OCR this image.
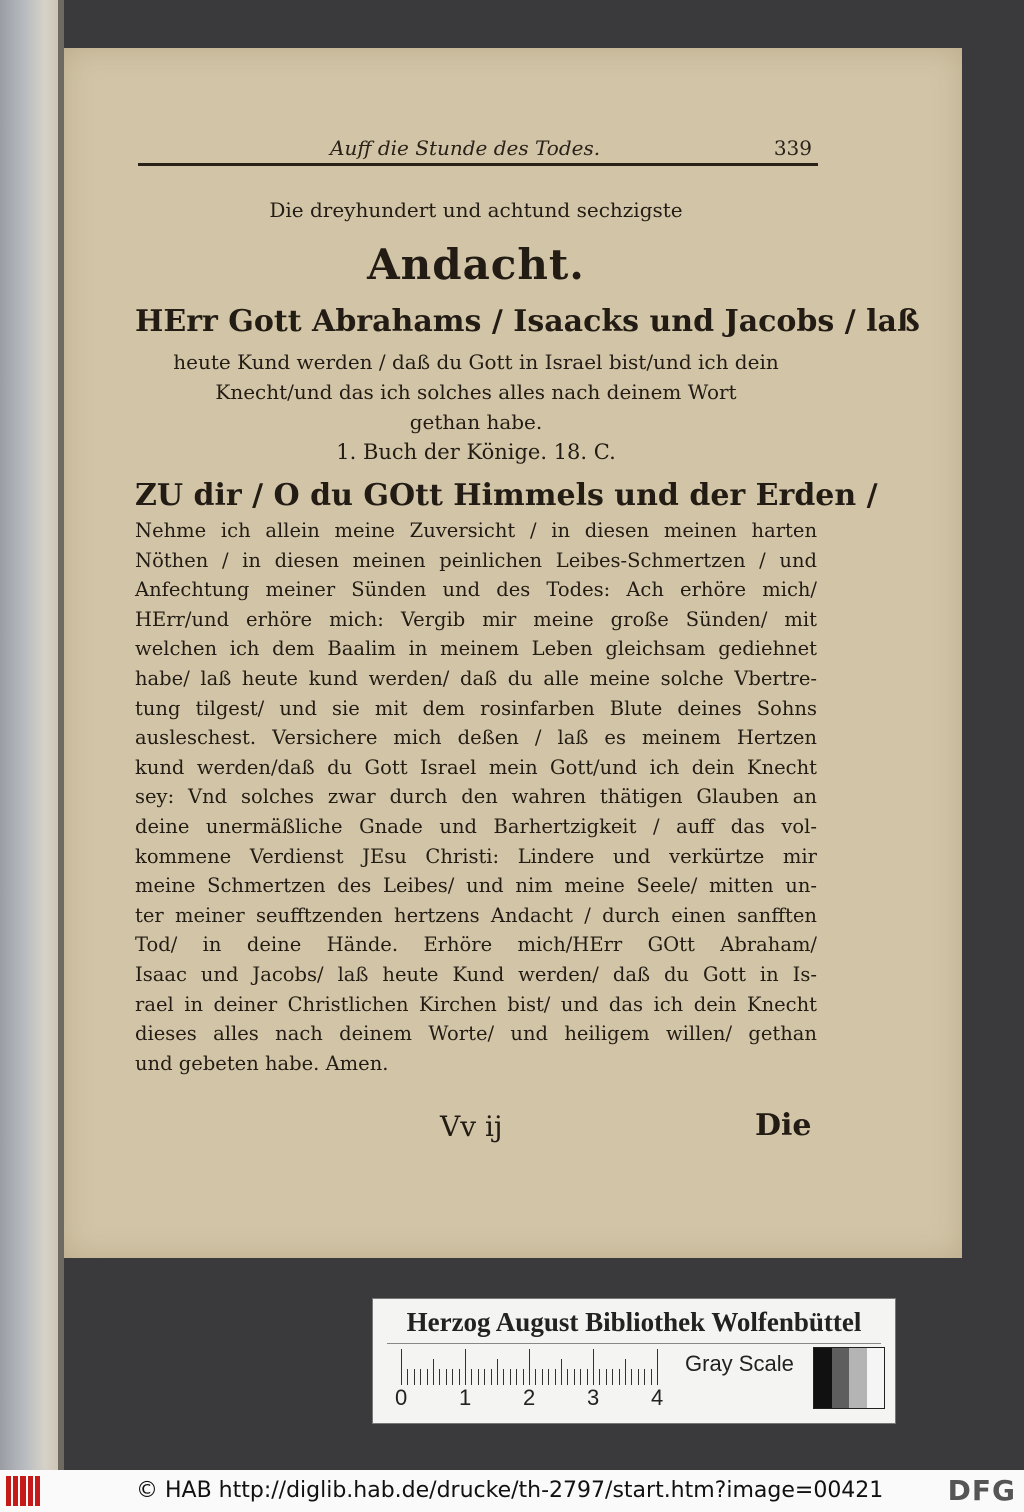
Auff die Stunde des Todes.	339
Die dreyhundert und achtund sechzigste
Andacht.
HErr Gott Abrahams / Isaacks und Jacobs / laß
heute Kund werden / daß du Gott in Israel bist/und ich dein
Knecht/und das ich solches alles nach deinem Wort
gethan habe.
1. Buch der Könige. 18. C.
ZU dir / O du GOtt Himmels und der Erden /
Nehme ich allein meine Zuversicht / in diesen meinen harten
Nöthen / in diesen meinen peinlichen Leibes-Schmertzen / und
Anfechtung meiner Sünden und des Todes: Ach erhöre mich/
HErr/und erhöre mich: Vergib mir meine große Sünden/ mit
welchen ich dem Baalim in meinem Leben gleichsam gediehnet
habe/ laß heute kund werden/ daß du alle meine solche Vbertre-
tung tilgest/ und sie mit dem rosinfarben Blute deines Sohns
ausleschest. Versichere mich deßen / laß es meinem Hertzen
kund werden/daß du Gott Israel mein Gott/und ich dein Knecht
sey: Vnd solches zwar durch den wahren thätigen Glauben an
deine unermäßliche Gnade und Barhertzigkeit / auff das vol-
kommene Verdienst JEsu Christi: Lindere und verkürtze mir
meine Schmertzen des Leibes/ und nim meine Seele/ mitten un-
ter meiner seufftzenden hertzens Andacht / durch einen sanfften
Tod/ in deine Hände. Erhöre mich/HErr GOtt Abraham/
Isaac und Jacobs/ laß heute Kund werden/ daß du Gott in Is-
rael in deiner Christlichen Kirchen bist/ und das ich dein Knecht
dieses alles nach deinem Worte/ und heiligem willen/ gethan
und gebeten habe. Amen.
Vv ij	Die
Herzog August Bibliothek Wolfenbüttel
0 1 2 3 4
Gray Scale
© HAB http://diglib.hab.de/drucke/th-2797/start.htm?image=00421 DFG
